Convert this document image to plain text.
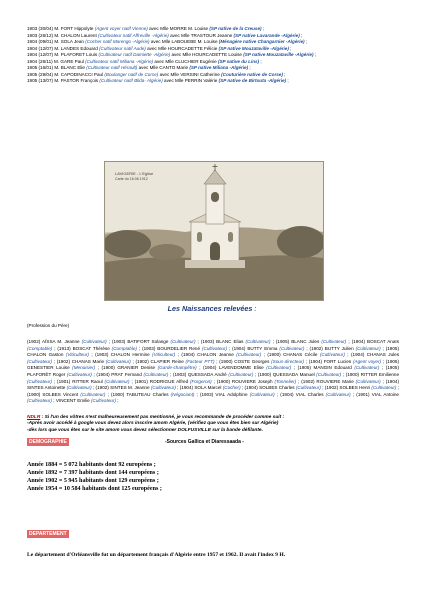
1903 (30/04) M. FORT Hippolyte (Agent voyer natif Vienne) avec Mlle MORRE M. Louise (SP native de la Creuse) ;
1903 (26/12) M. CHALON Laurent (Cultivateur natif Affreville -Algérie) avec Mlle TRASTOUR Jeanne (SP native Lavarande -Algérie) ;
1904 (09/01) M. SOLA Jean (Cocher natif Marengo -Algérie) avec Mlle LABOUEBE M. Louise (Ménagère native Changarnier -Algérie) ;
1904 (12/07) M. LANDES Edouard (Cultivateur natif Aude) avec Mlle HOURCADETTE Félicie (SP native Mouzaïaville -Algérie) ;
1904 (12/07) M. PLAFORET Louis (Cultivateur natif Damiette -Algérie) avec Mlle HOURCADETTE Louise (SP native Mouzaïaville -Algérie) ;
1904 (26/11) M. GARE Paul (Cultivateur natif Miliana -Algérie) avec Mlle CLUCHIER Eugénie (SP native du Lins) ;
1905 (16/01) M. BLANC Elie (Cultivateur natif Hérault) avec Mlle CANTO Marie (SP native Miliana -Algérie) ;
1905 (29/04) M. CAPODINACCI Paul (Boulanger natif de Corse) avec Mlle VERSINI Catherine (Couturière native de Corse) ;
1905 (13/07) M. PASTOR François (Cultivateur natif Blida- Algérie) avec Mlle PERRIN Valérie (SP native de Birtouta -Algérie) ;
LAVIGERIE - L'Eglise
Carte du 16.06.1912
Les Naissances relevées :
(Profession du Père)
(1902) AÏSSA M. Jeanne (Cultivateur) ; (1903) BATIFORT Solange (Cultivateur) ; (1903) BLANC Elias (Cultivateur) ; (1905) BLANC Jules (Cultivateur) ; (1904) BOSCAT Anaïs (Comptable) ; (1913) BOSCAT Thérèse (Comptable) ; (1903) BOURDELIER René (Cultivateur) ; (1904) BUTTY Emma (Cultivateur) ; (1902) BUTTY Julien (Cultivateur) ; (1905) CHALON Gaston (Viticulteur) ; (1903) CHALON Hermine (Viticulteur) ; (1904) CHALON Jeanne (Cultivateur) ; (1900) CHANAS Cécile (Cultivateur) ; (1904) CHANAS Jules (Cultivateur) ; (1902) CHANAS Marie (Cultivateur) ; (1902) CLAPIER Reine (Facteur PTT) ; (1900) COSTE Georges (Sous-directeur) ; (1904) FORT Lucien (Agent voyer) ; (1905) GENESTIER Louise (Menuisier) ; (1900) GRANIER Denise (Garde-champêtre) ; (1904) LAVENDOMME Elise (Cultivateur) ; (1905) MANGIN Edouard (Cultivateur) ; (1905) PLAFORÊT Roger (Cultivateur) ; (1904) PRAT Fernand (Cultivateur) ; (1903) QUESSADA André (Cultivateur) ; (1900) QUESSADA Manuel (Cultivateur) ; (1900) RITTER Emilienne (Cultivateur) ; (1901) RITTER Raoul (Cultivateur) ; (1901) RODRIGUE Alfred (Forgeron) ; (1900) ROUVIERE Joseph (Tonnelier) ; (1902) ROUVIERE Marie (Cultivateur) ; (1904) SINTES Antoinette (Cultivateur) ; (1902) SINTES M. Jeanne (Cultivateur) ; (1904) SOLA Marcel (Cocher) ; (1904) SOLBES Charles (Cultivateur) ; (1902) SOLBES Henri (Cultivateur) ; (1900) SOLBES Vincent (Cultivateur) ; (1900) TABUTEAU Charles (Négociant) ; (1903) VIAL Adolphine (Cultivateur) ; (1904) VIAL Charles (Cultivateur) ; (1901) VIAL Antoine (Cultivateur) ; VINCENT Emilie (Cultivateur) ;
NDLR : Si l'un des vôtres n'est malheureusement pas mentionné, je vous recommande de procéder comme suit :
-Après avoir accédé à google vous devez alors inscrire amom Algérie, (vérifiez que vous êtes bien sur Algérie)
-dès lors que vous êtes sur le site amom vous devez sélectionner DOLFUSVILLE sur la bande défilante.
DEMOGRAPHIE	-Sources Gallica et Diaressaada -
Année 1884 = 5 072 habitants dont 92 européens ;
Année 1892 = 7 397 habitants dont 144 européens ;
Année 1902 = 5 945 habitants dont 129 européens ;
Année 1954 = 10 584 habitants dont 125 européens ;
DEPARTEMENT
Le département d'Orléansville fut un département français d'Algérie entre 1957 et 1962. Il avait l'index 9 H.
